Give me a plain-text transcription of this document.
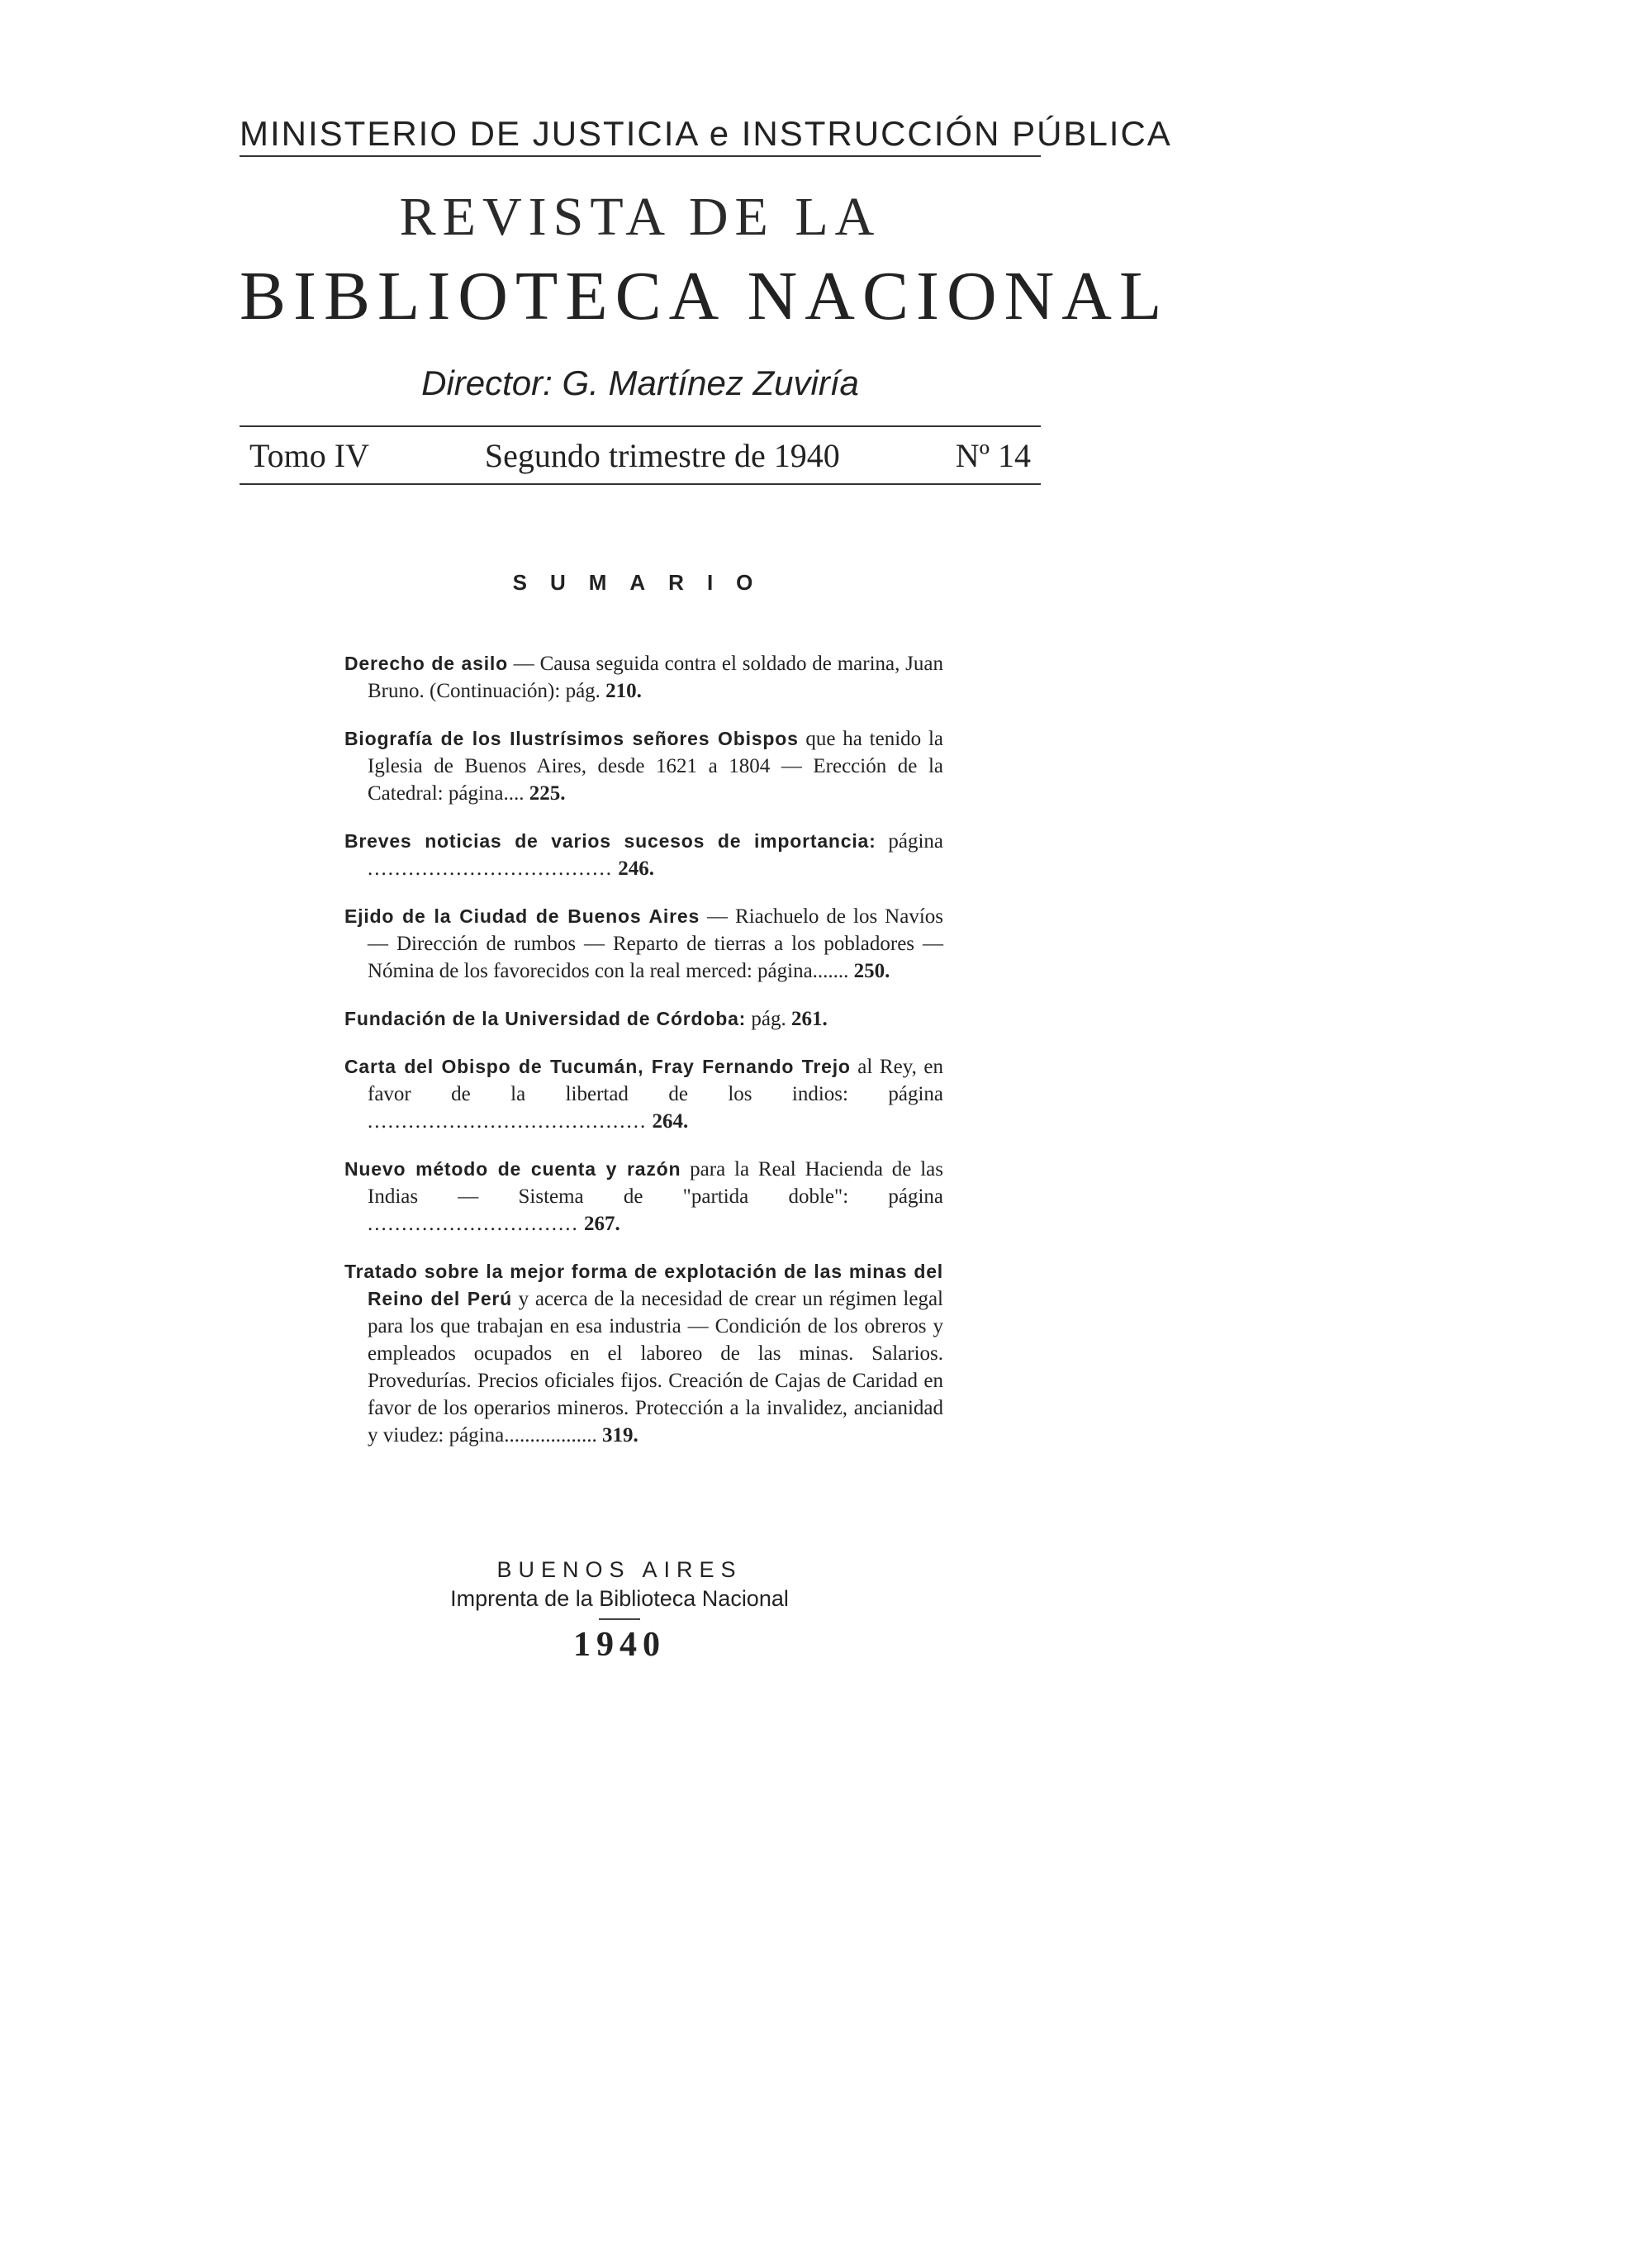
MINISTERIO DE JUSTICIA e INSTRUCCIÓN PÚBLICA
REVISTA DE LA
BIBLIOTECA NACIONAL
Director: G. Martínez Zuviría
Tomo IV	Segundo trimestre de 1940	Nº 14
SUMARIO

Derecho de asilo — Causa seguida contra el soldado de marina, Juan Bruno. (Continuación): pág. 210.

Biografía de los Ilustrísimos señores Obispos que ha tenido la Iglesia de Buenos Aires, desde 1621 a 1804 — Erección de la Catedral: página.... 225.

Breves noticias de varios sucesos de importancia: página .................................... 246.

Ejido de la Ciudad de Buenos Aires — Riachuelo de los Navíos — Dirección de rumbos — Reparto de tierras a los pobladores — Nómina de los favorecidos con la real merced: página....... 250.

Fundación de la Universidad de Córdoba: pág. 261.

Carta del Obispo de Tucumán, Fray Fernando Trejo al Rey, en favor de la libertad de los indios: página ......................................... 264.

Nuevo método de cuenta y razón para la Real Hacienda de las Indias — Sistema de "partida doble": página ............................... 267.

Tratado sobre la mejor forma de explotación de las minas del Reino del Perú y acerca de la necesidad de crear un régimen legal para los que trabajan en esa industria — Condición de los obreros y empleados ocupados en el laboreo de las minas. Salarios. Provedurías. Precios oficiales fijos. Creación de Cajas de Caridad en favor de los operarios mineros. Protección a la invalidez, ancianidad y viudez: página.................. 319.

BUENOS AIRES
Imprenta de la Biblioteca Nacional
1940
